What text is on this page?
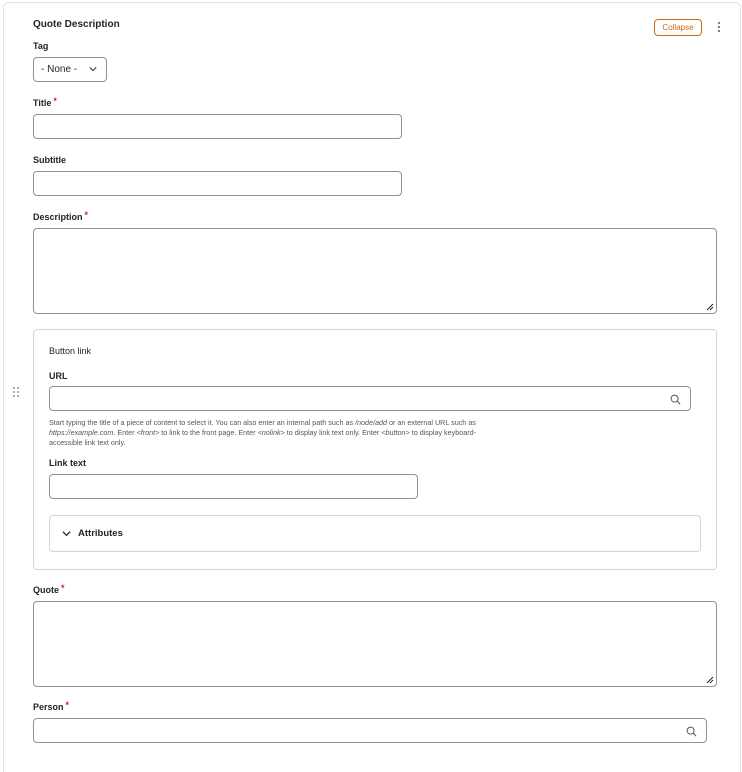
Quote Description	Collapse
Tag
- None -
Title *
Subtitle
Description *
Button link
URL
Start typing the title of a piece of content to select it. You can also enter an internal path such as /node/add or an external URL such as https://example.com. Enter <front> to link to the front page. Enter <nolink> to display link text only. Enter <button> to display keyboard-accessible link text only.
Link text
Attributes
Quote *
Person *
